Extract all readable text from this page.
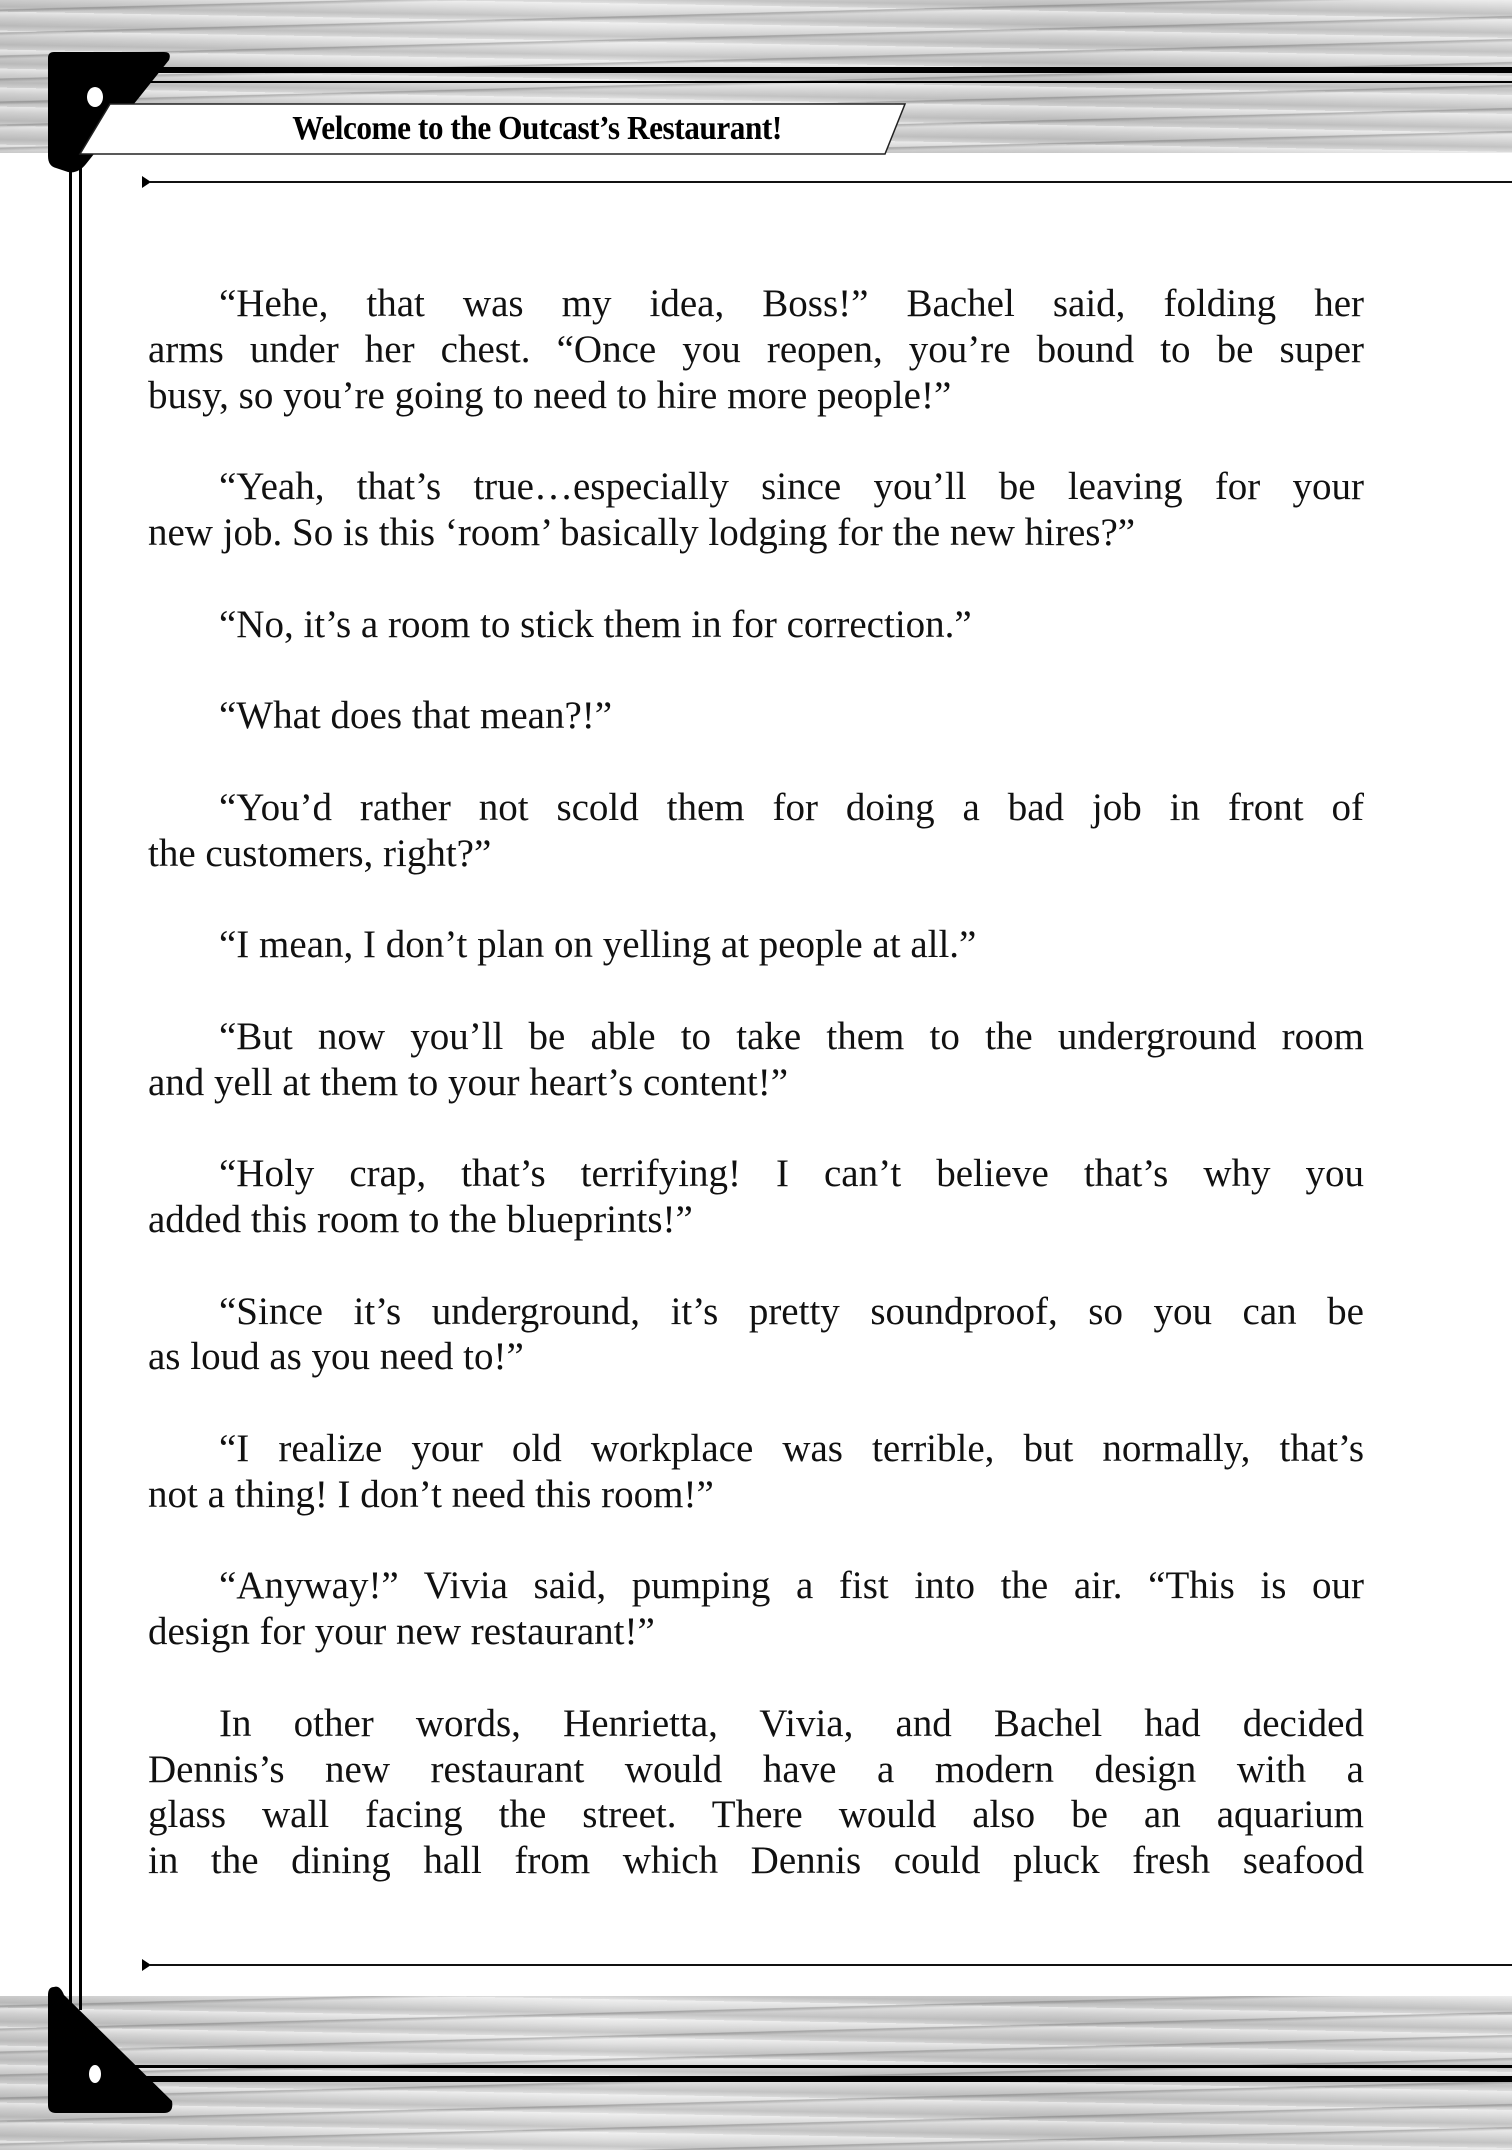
Welcome to the Outcast’s Restaurant!
“Hehe, that was my idea, Boss!” Bachel said, folding her
arms under her chest. “Once you reopen, you’re bound to be super
busy, so you’re going to need to hire more people!”
“Yeah, that’s true…especially since you’ll be leaving for your
new job. So is this ‘room’ basically lodging for the new hires?”
“No, it’s a room to stick them in for correction.”
“What does that mean?!”
“You’d rather not scold them for doing a bad job in front of
the customers, right?”
“I mean, I don’t plan on yelling at people at all.”
“But now you’ll be able to take them to the underground room
and yell at them to your heart’s content!”
“Holy crap, that’s terrifying! I can’t believe that’s why you
added this room to the blueprints!”
“Since it’s underground, it’s pretty soundproof, so you can be
as loud as you need to!”
“I realize your old workplace was terrible, but normally, that’s
not a thing! I don’t need this room!”
“Anyway!” Vivia said, pumping a fist into the air. “This is our
design for your new restaurant!”
In other words, Henrietta, Vivia, and Bachel had decided
Dennis’s new restaurant would have a modern design with a
glass wall facing the street. There would also be an aquarium
in the dining hall from which Dennis could pluck fresh seafood
